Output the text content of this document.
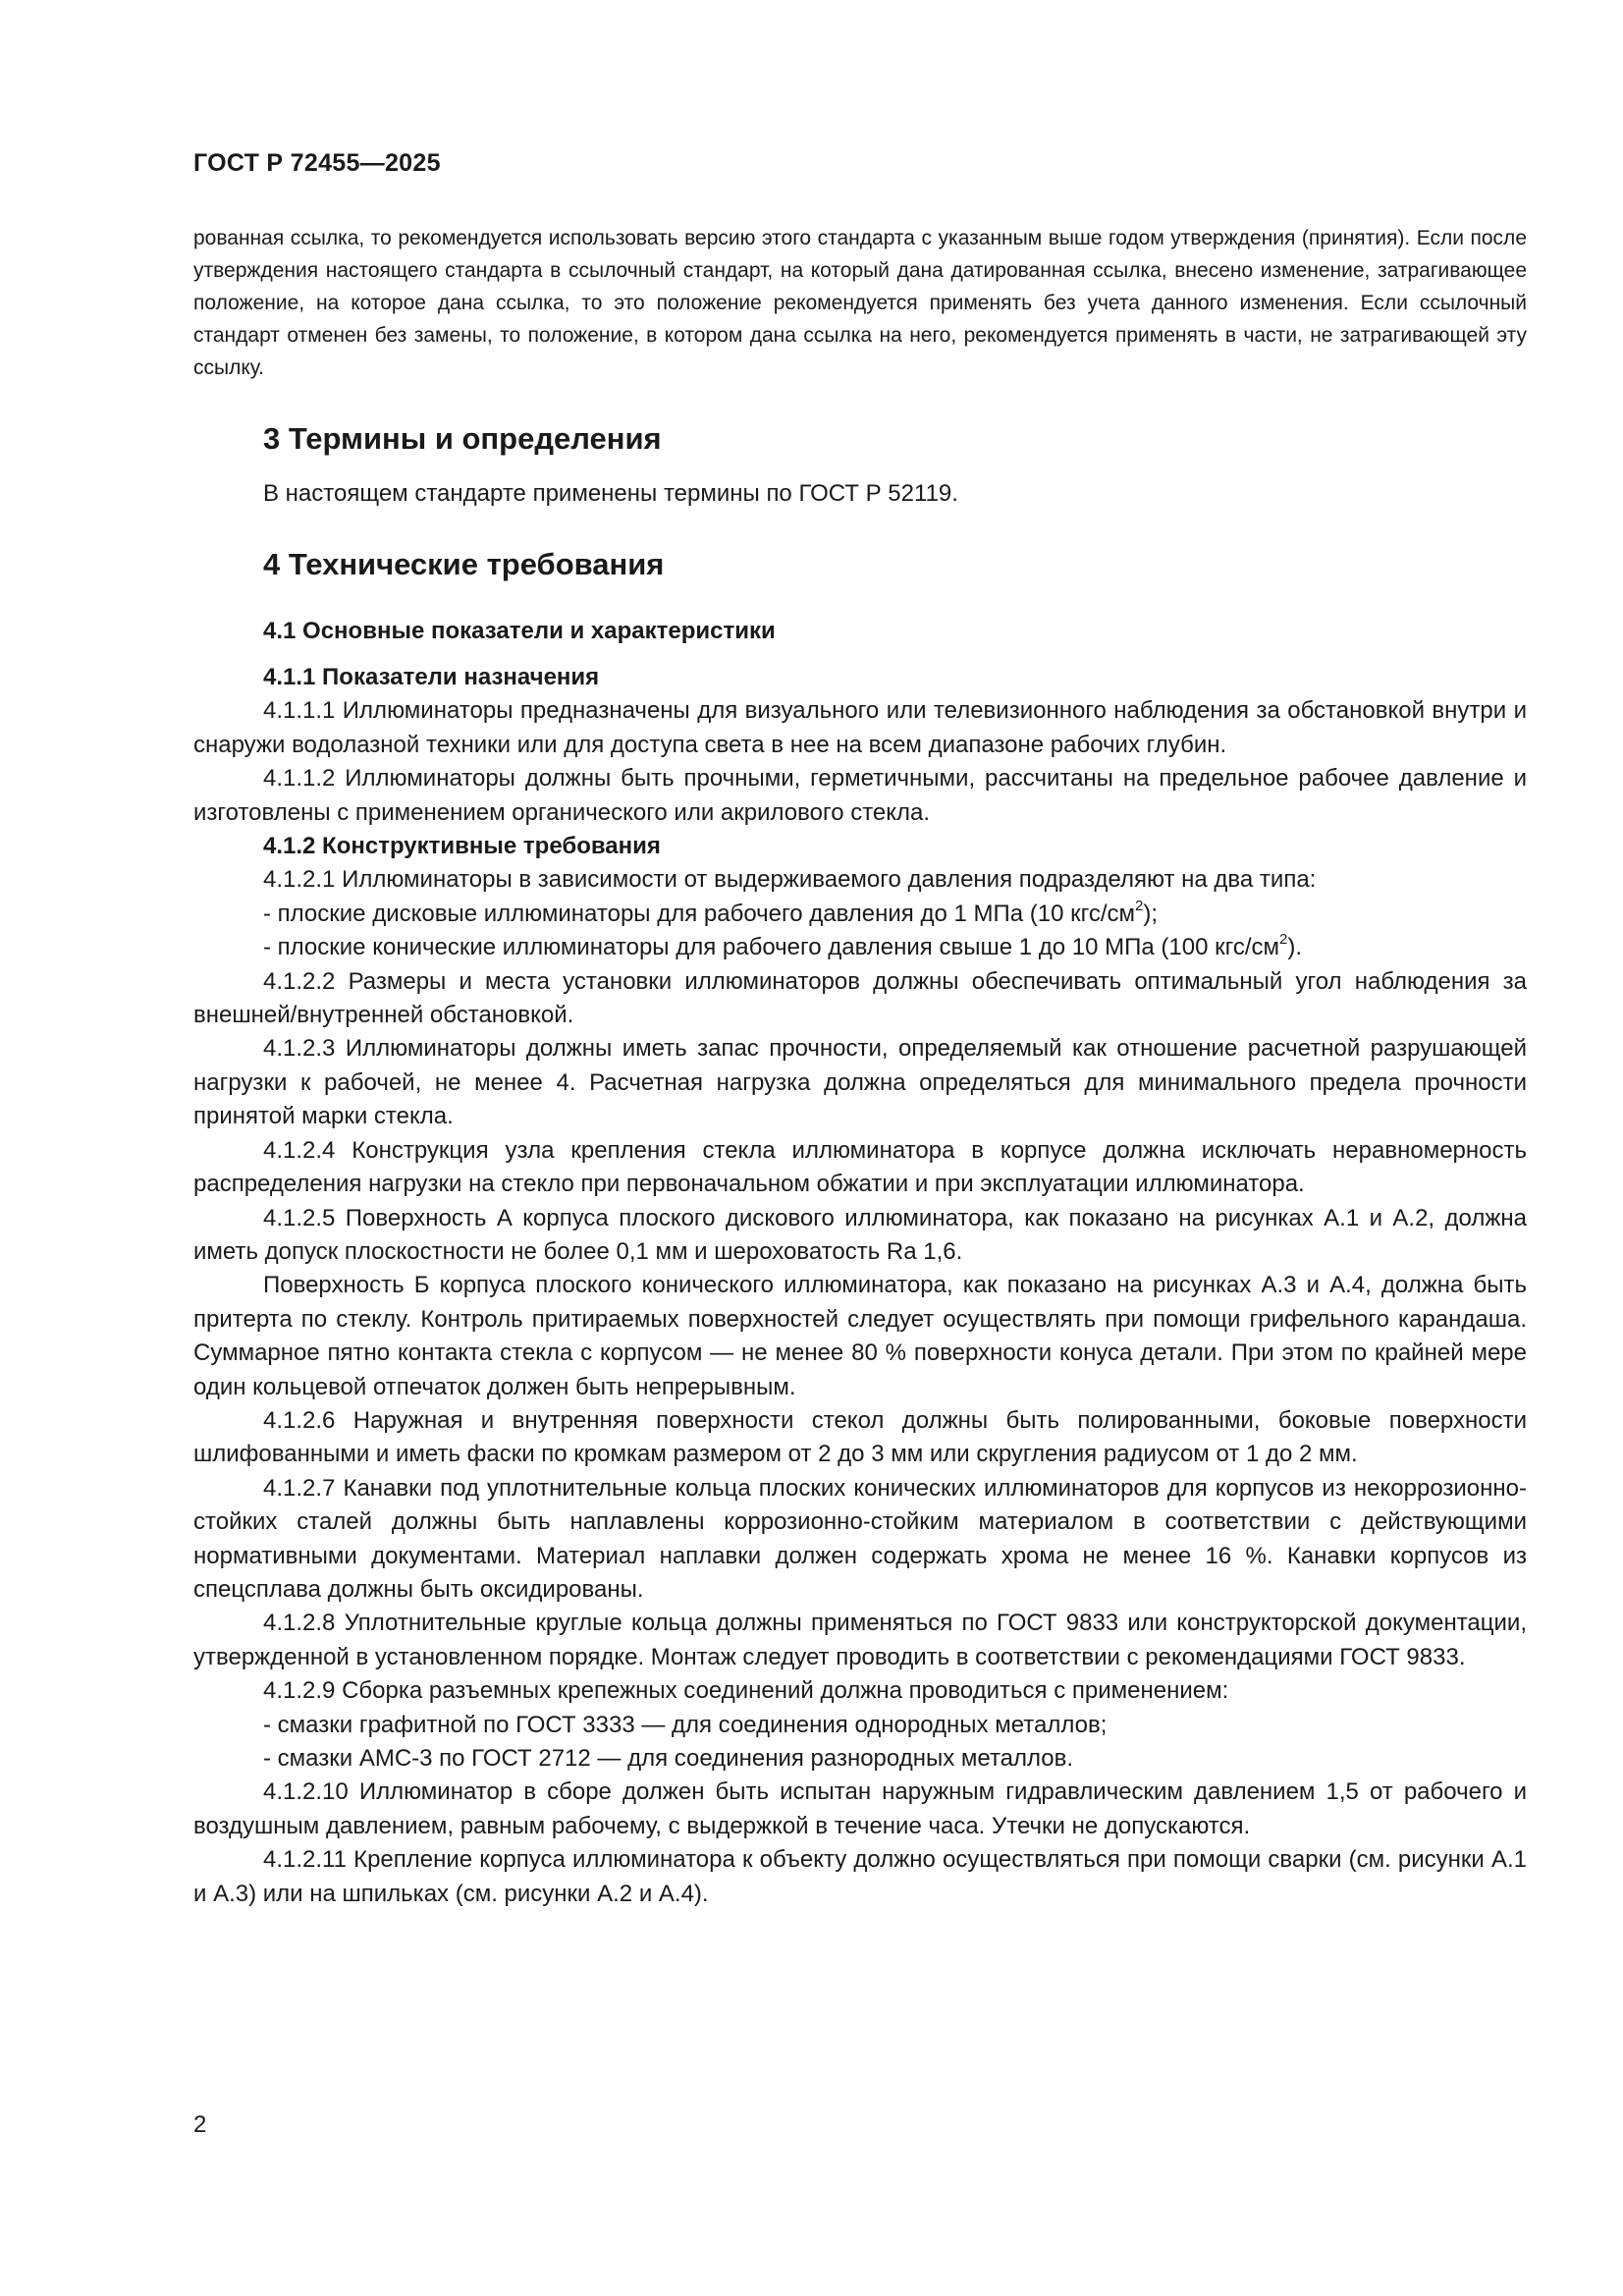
ГОСТ Р 72455—2025

рованная ссылка, то рекомендуется использовать версию этого стандарта с указанным выше годом утверждения (принятия). Если после утверждения настоящего стандарта в ссылочный стандарт, на который дана датированная ссылка, внесено изменение, затрагивающее положение, на которое дана ссылка, то это положение рекомендуется применять без учета данного изменения. Если ссылочный стандарт отменен без замены, то положение, в котором дана ссылка на него, рекомендуется применять в части, не затрагивающей эту ссылку.

3 Термины и определения

В настоящем стандарте применены термины по ГОСТ Р 52119.

4 Технические требования
4.1 Основные показатели и характеристики

4.1.1 Показатели назначения

4.1.1.1 Иллюминаторы предназначены для визуального или телевизионного наблюдения за обстановкой внутри и снаружи водолазной техники или для доступа света в нее на всем диапазоне рабочих глубин.

4.1.1.2 Иллюминаторы должны быть прочными, герметичными, рассчитаны на предельное рабочее давление и изготовлены с применением органического или акрилового стекла.

4.1.2 Конструктивные требования

4.1.2.1 Иллюминаторы в зависимости от выдерживаемого давления подразделяют на два типа:

- плоские дисковые иллюминаторы для рабочего давления до 1 МПа (10 кгс/$см^2$);

- плоские конические иллюминаторы для рабочего давления свыше 1 до 10 МПа (100 кгс/$см^2$).

4.1.2.2 Размеры и места установки иллюминаторов должны обеспечивать оптимальный угол наблюдения за внешней/внутренней обстановкой.

4.1.2.3 Иллюминаторы должны иметь запас прочности, определяемый как отношение расчетной разрушающей нагрузки к рабочей, не менее 4. Расчетная нагрузка должна определяться для минимального предела прочности принятой марки стекла.

4.1.2.4 Конструкция узла крепления стекла иллюминатора в корпусе должна исключать неравномерность распределения нагрузки на стекло при первоначальном обжатии и при эксплуатации иллюминатора.

4.1.2.5 Поверхность А корпуса плоского дискового иллюминатора, как показано на рисунках А.1 и А.2, должна иметь допуск плоскостности не более 0,1 мм и шероховатость Ra 1,6.

Поверхность Б корпуса плоского конического иллюминатора, как показано на рисунках А.3 и А.4, должна быть притерта по стеклу. Контроль притираемых поверхностей следует осуществлять при помощи грифельного карандаша. Суммарное пятно контакта стекла с корпусом — не менее 80 % поверхности конуса детали. При этом по крайней мере один кольцевой отпечаток должен быть непрерывным.

4.1.2.6 Наружная и внутренняя поверхности стекол должны быть полированными, боковые поверхности шлифованными и иметь фаски по кромкам размером от 2 до 3 мм или скругления радиусом от 1 до 2 мм.

4.1.2.7 Канавки под уплотнительные кольца плоских конических иллюминаторов для корпусов из некоррозионно-стойких сталей должны быть наплавлены коррозионно-стойким материалом в соответствии с действующими нормативными документами. Материал наплавки должен содержать хрома не менее 16 %. Канавки корпусов из спецсплава должны быть оксидированы.

4.1.2.8 Уплотнительные круглые кольца должны применяться по ГОСТ 9833 или конструкторской документации, утвержденной в установленном порядке. Монтаж следует проводить в соответствии с рекомендациями ГОСТ 9833.

4.1.2.9 Сборка разъемных крепежных соединений должна проводиться с применением:

- смазки графитной по ГОСТ 3333 — для соединения однородных металлов;

- смазки АМС-3 по ГОСТ 2712 — для соединения разнородных металлов.

4.1.2.10 Иллюминатор в сборе должен быть испытан наружным гидравлическим давлением 1,5 от рабочего и воздушным давлением, равным рабочему, с выдержкой в течение часа. Утечки не допускаются.

4.1.2.11 Крепление корпуса иллюминатора к объекту должно осуществляться при помощи сварки (см. рисунки А.1 и А.3) или на шпильках (см. рисунки А.2 и А.4).

2
